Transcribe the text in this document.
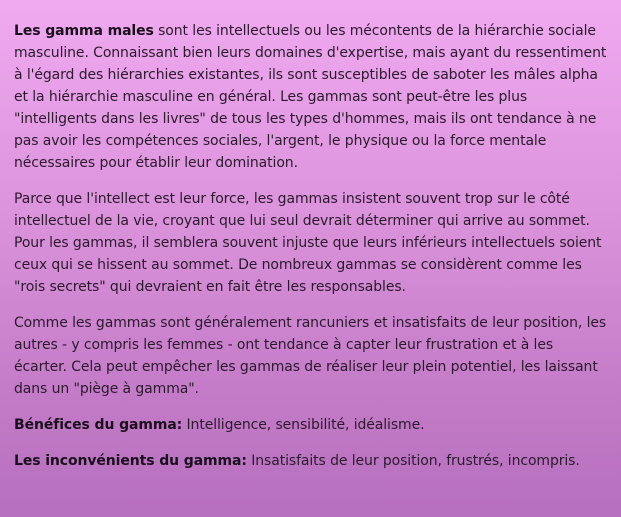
Les gamma males sont les intellectuels ou les mécontents de la hiérarchie sociale masculine. Connaissant bien leurs domaines d'expertise, mais ayant du ressentiment à l'égard des hiérarchies existantes, ils sont susceptibles de saboter les mâles alpha et la hiérarchie masculine en général. Les gammas sont peut-être les plus "intelligents dans les livres" de tous les types d'hommes, mais ils ont tendance à ne pas avoir les compétences sociales, l'argent, le physique ou la force mentale nécessaires pour établir leur domination.

Parce que l'intellect est leur force, les gammas insistent souvent trop sur le côté intellectuel de la vie, croyant que lui seul devrait déterminer qui arrive au sommet. Pour les gammas, il semblera souvent injuste que leurs inférieurs intellectuels soient ceux qui se hissent au sommet. De nombreux gammas se considèrent comme les "rois secrets" qui devraient en fait être les responsables.

Comme les gammas sont généralement rancuniers et insatisfaits de leur position, les autres - y compris les femmes - ont tendance à capter leur frustration et à les écarter. Cela peut empêcher les gammas de réaliser leur plein potentiel, les laissant dans un "piège à gamma".

Bénéfices du gamma: Intelligence, sensibilité, idéalisme.

Les inconvénients du gamma: Insatisfaits de leur position, frustrés, incompris.
